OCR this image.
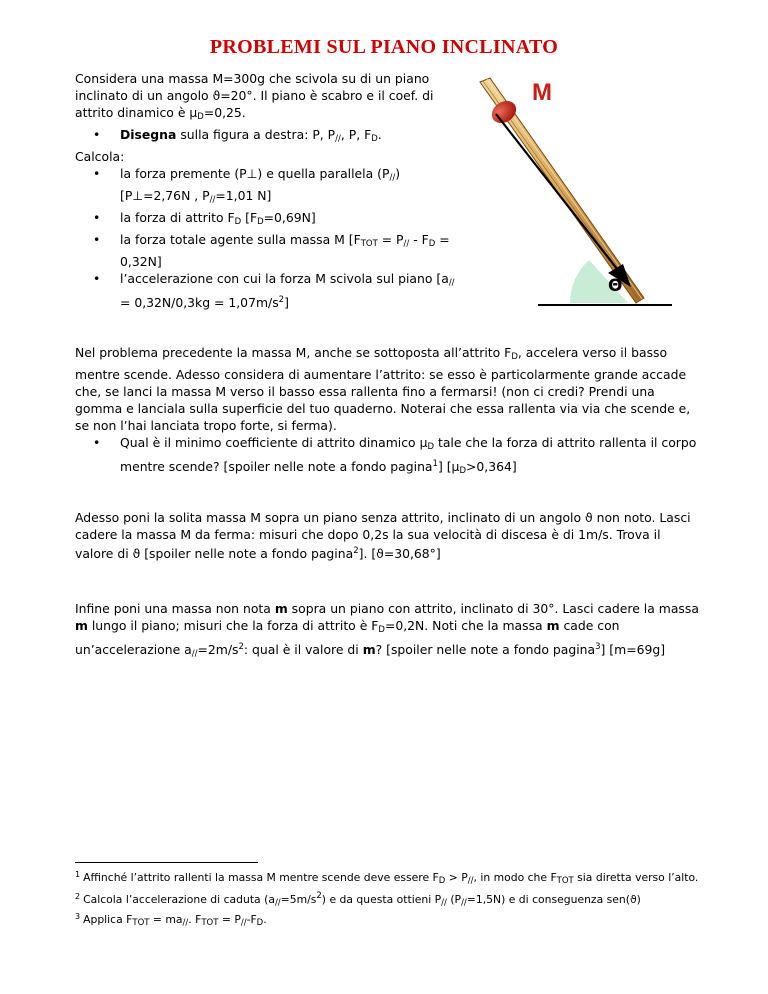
PROBLEMI SUL PIANO INCLINATO

Considera una massa M=300g che scivola su di un piano inclinato di un angolo ϑ=20°. Il piano è scabro e il coef. di attrito dinamico è $\mu_D=0,25$.

• Disegna sulla figura a destra: P, $P_{//}$, P, $F_D$.

Calcola:

• la forza premente (P⊥) e quella parallela $(P_{//})$
[P⊥=2,76N , $P_{//}=1,01$ N]
• la forza di attrito $F_D$ $[F_D=0,69N]$
• la forza totale agente sulla massa M $[F_{TOT} = P_{//} - F_D = 0,32N]$
• l’accelerazione con cui la forza M scivola sul piano $[a_{//} = 0,32N/0,3kg = 1,07m/s^2]$
M
Θ

Nel problema precedente la massa M, anche se sottoposta all’attrito $F_D$, accelera verso il basso mentre scende. Adesso considera di aumentare l’attrito: se esso è particolarmente grande accade che, se lanci la massa M verso il basso essa rallenta fino a fermarsi! (non ci credi? Prendi una gomma e lanciala sulla superficie del tuo quaderno. Noterai che essa rallenta via via che scende e, se non l’hai lanciata tropo forte, si ferma).

• Qual è il minimo coefficiente di attrito dinamico $\mu_D$ tale che la forza di attrito rallenta il corpo mentre scende? [spoiler nelle note a fondo pagina$^1$] $[\mu_D>0,364]$

Adesso poni la solita massa M sopra un piano senza attrito, inclinato di un angolo ϑ non noto. Lasci cadere la massa M da ferma: misuri che dopo 0,2s la sua velocità di discesa è di 1m/s. Trova il valore di ϑ [spoiler nelle note a fondo pagina$^2$]. [ϑ=30,68°]

Infine poni una massa non nota m sopra un piano con attrito, inclinato di 30°. Lasci cadere la massa m lungo il piano; misuri che la forza di attrito è $F_D=0,2N$. Noti che la massa m cade con un’accelerazione $a_{//}=2m/s^2$: qual è il valore di m? [spoiler nelle note a fondo pagina$^3$] [m=69g]

$^1$ Affinché l’attrito rallenti la massa M mentre scende deve essere $F_D > P_{//}$, in modo che $F_{TOT}$ sia diretta verso l’alto.

$^2$ Calcola l’accelerazione di caduta $(a_{//}=5m/s^2)$ e da questa ottieni $P_{//}$ $(P_{//}=1,5N)$ e di conseguenza sen(ϑ)

$^3$ Applica $F_{TOT} = ma_{//}$. $F_{TOT} = P_{//}-F_D$.
